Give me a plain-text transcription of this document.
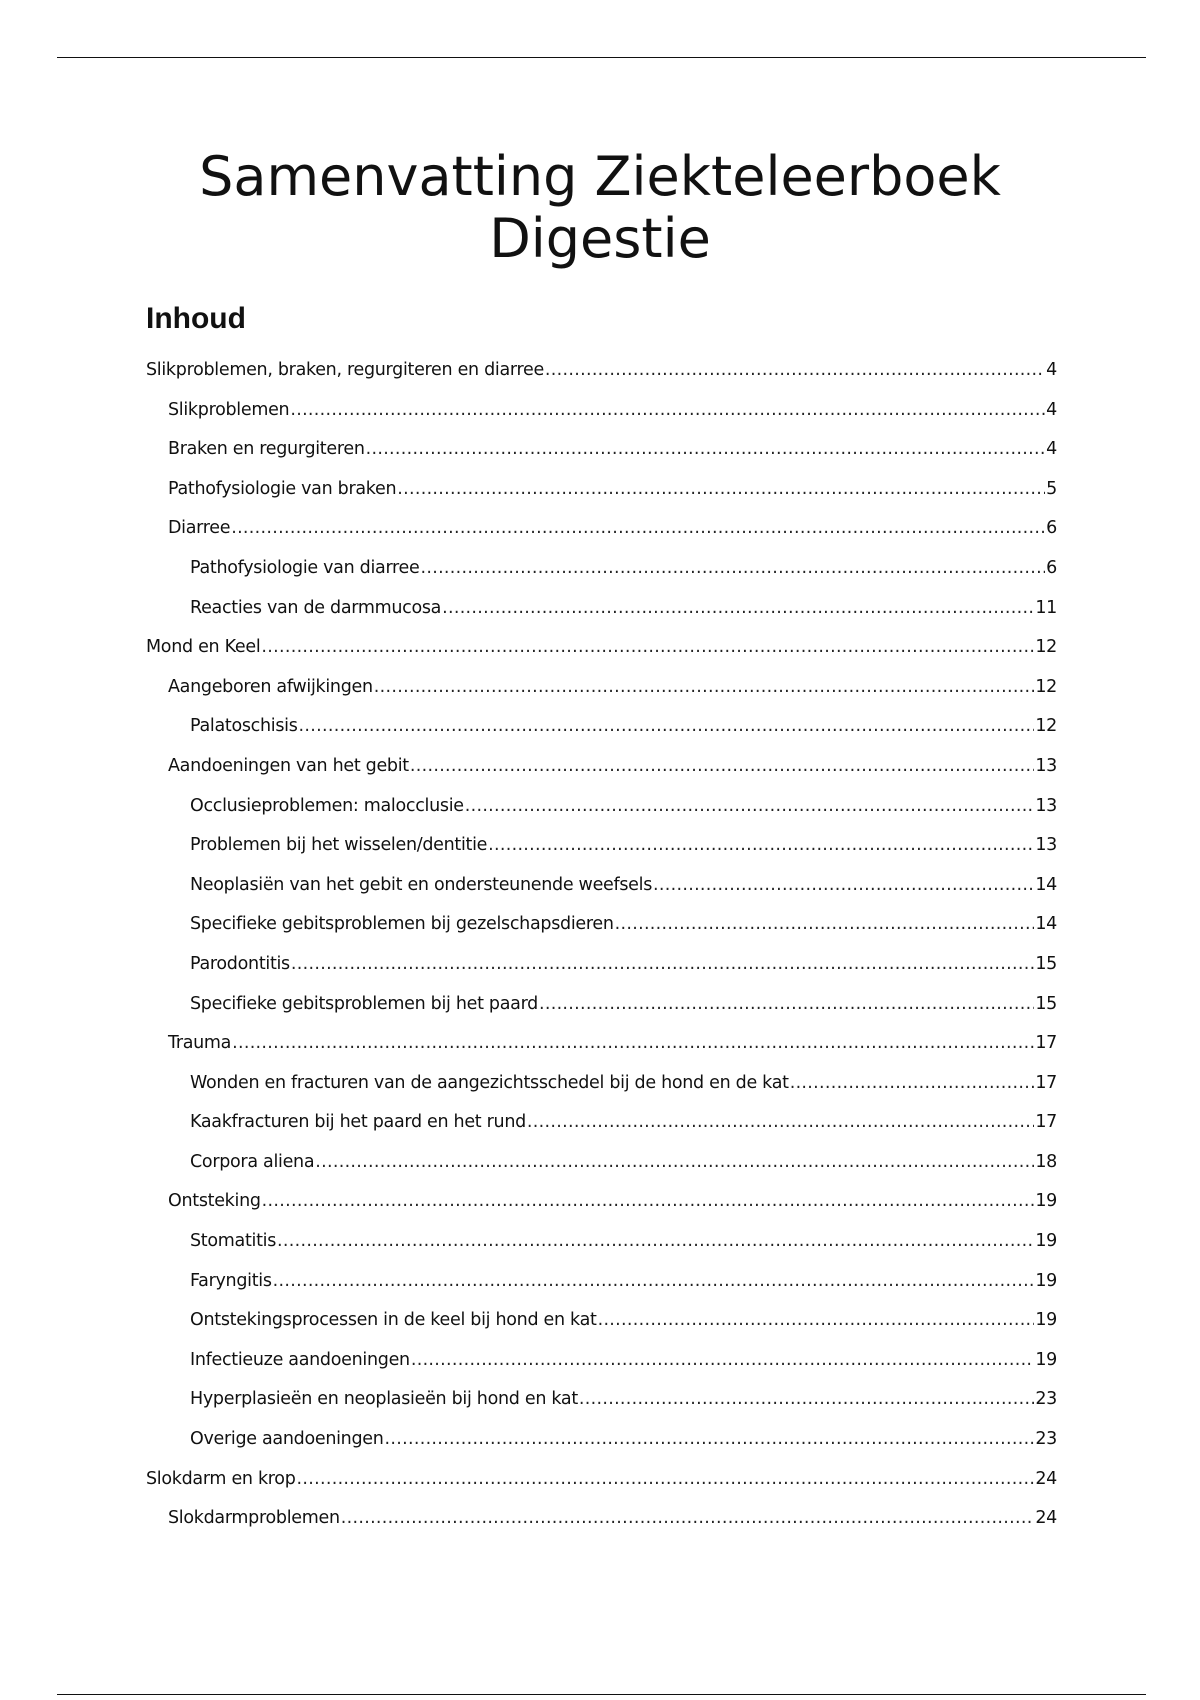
Samenvatting Ziekteleerboek
Digestie
Inhoud
Slikproblemen, braken, regurgiteren en diarree .....	4
Slikproblemen .....	4
Braken en regurgiteren .....	4
Pathofysiologie van braken .....	5
Diarree .....	6
Pathofysiologie van diarree .....	6
Reacties van de darmmucosa .....	11
Mond en Keel .....	12
Aangeboren afwijkingen .....	12
Palatoschisis .....	12
Aandoeningen van het gebit .....	13
Occlusieproblemen: malocclusie .....	13
Problemen bij het wisselen/dentitie .....	13
Neoplasiën van het gebit en ondersteunende weefsels .....	14
Specifieke gebitsproblemen bij gezelschapsdieren .....	14
Parodontitis .....	15
Specifieke gebitsproblemen bij het paard .....	15
Trauma .....	17
Wonden en fracturen van de aangezichtsschedel bij de hond en de kat .....	17
Kaakfracturen bij het paard en het rund .....	17
Corpora aliena .....	18
Ontsteking .....	19
Stomatitis .....	19
Faryngitis .....	19
Ontstekingsprocessen in de keel bij hond en kat .....	19
Infectieuze aandoeningen .....	19
Hyperplasieën en neoplasieën bij hond en kat .....	23
Overige aandoeningen .....	23
Slokdarm en krop .....	24
Slokdarmproblemen .....	24
